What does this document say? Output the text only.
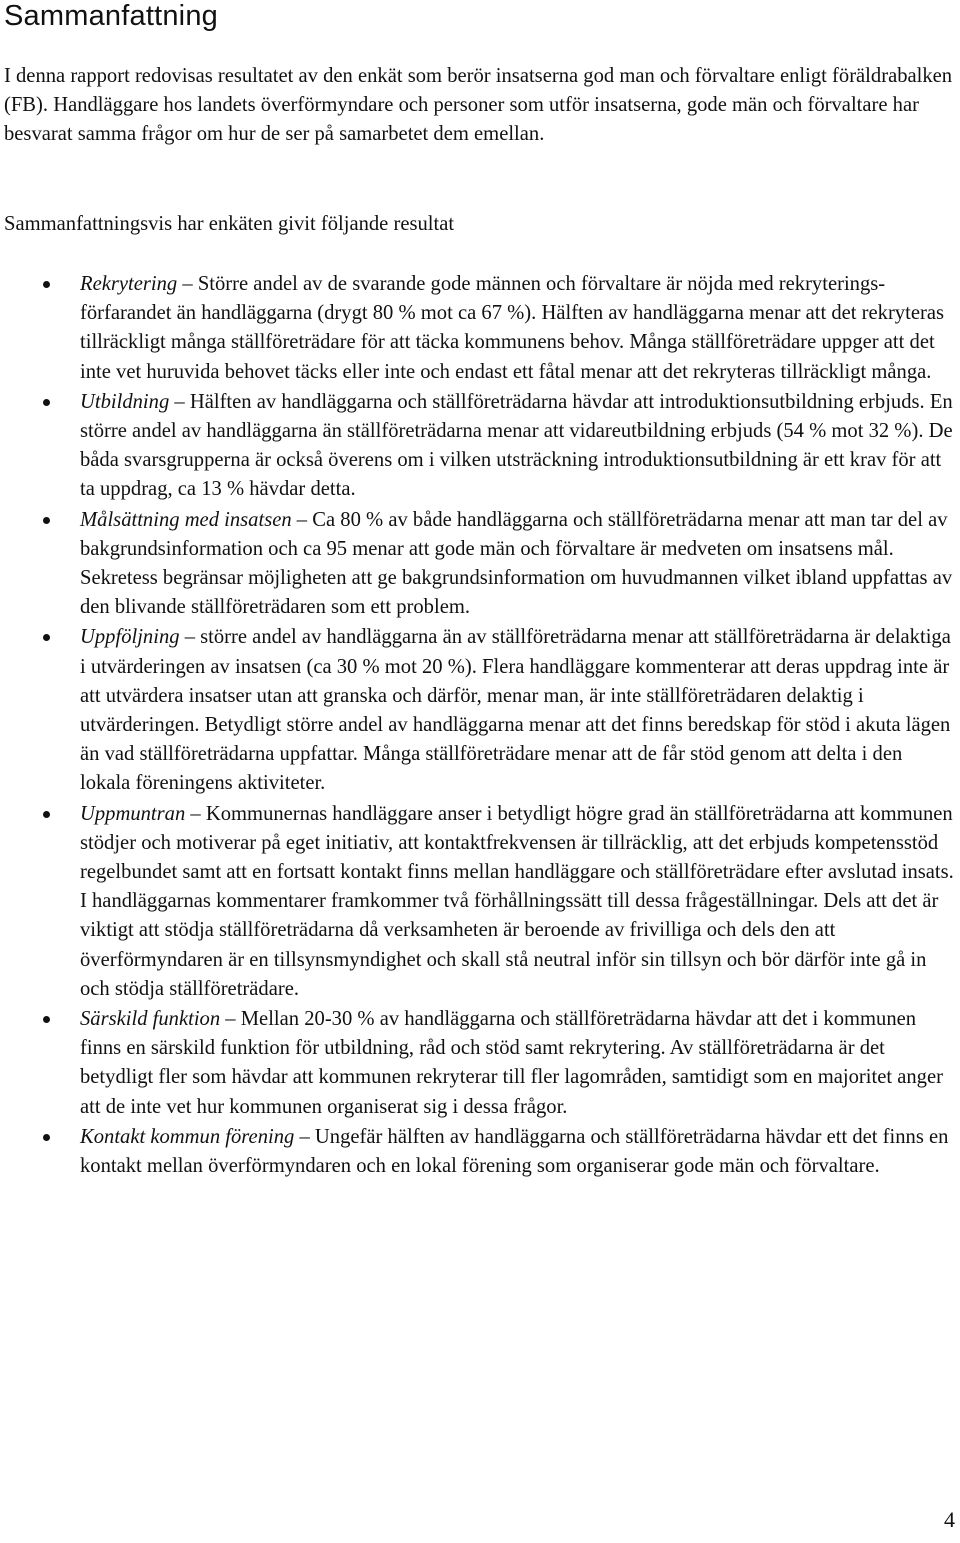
Sammanfattning

I denna rapport redovisas resultatet av den enkät som berör insatserna god man och förvaltare enligt föräldrabalken (FB). Handläggare hos landets överförmyndare och personer som utför insatserna, gode män och förvaltare har besvarat samma frågor om hur de ser på samarbetet dem emellan.

Sammanfattningsvis har enkäten givit följande resultat

Rekrytering – Större andel av de svarande gode männen och förvaltare är nöjda med rekryterings-förfarandet än handläggarna (drygt 80 % mot ca 67 %). Hälften av handläggarna menar att det rekryteras tillräckligt många ställföreträdare för att täcka kommunens behov. Många ställföreträdare uppger att det inte vet huruvida behovet täcks eller inte och endast ett fåtal menar att det rekryteras tillräckligt många.
Utbildning – Hälften av handläggarna och ställföreträdarna hävdar att introduktionsutbildning erbjuds. En större andel av handläggarna än ställföreträdarna menar att vidareutbildning erbjuds (54 % mot 32 %). De båda svarsgrupperna är också överens om i vilken utsträckning introduktionsutbildning är ett krav för att ta uppdrag, ca 13 % hävdar detta.
Målsättning med insatsen – Ca 80 % av både handläggarna och ställföreträdarna menar att man tar del av bakgrundsinformation och ca 95 menar att gode män och förvaltare är medveten om insatsens mål. Sekretess begränsar möjligheten att ge bakgrundsinformation om huvudmannen vilket ibland uppfattas av den blivande ställföreträdaren som ett problem.
Uppföljning – större andel av handläggarna än av ställföreträdarna menar att ställföreträdarna är delaktiga i utvärderingen av insatsen (ca 30 % mot 20 %). Flera handläggare kommenterar att deras uppdrag inte är att utvärdera insatser utan att granska och därför, menar man, är inte ställföreträdaren delaktig i utvärderingen. Betydligt större andel av handläggarna menar att det finns beredskap för stöd i akuta lägen än vad ställföreträdarna uppfattar. Många ställföreträdare menar att de får stöd genom att delta i den lokala föreningens aktiviteter.
Uppmuntran – Kommunernas handläggare anser i betydligt högre grad än ställföreträdarna att kommunen stödjer och motiverar på eget initiativ, att kontaktfrekvensen är tillräcklig, att det erbjuds kompetensstöd regelbundet samt att en fortsatt kontakt finns mellan handläggare och ställföreträdare efter avslutad insats. I handläggarnas kommentarer framkommer två förhållningssätt till dessa frågeställningar. Dels att det är viktigt att stödja ställföreträdarna då verksamheten är beroende av frivilliga och dels den att överförmyndaren är en tillsynsmyndighet och skall stå neutral inför sin tillsyn och bör därför inte gå in och stödja ställföreträdare.
Särskild funktion – Mellan 20-30 % av handläggarna och ställföreträdarna hävdar att det i kommunen finns en särskild funktion för utbildning, råd och stöd samt rekrytering. Av ställföreträdarna är det betydligt fler som hävdar att kommunen rekryterar till fler lagområden, samtidigt som en majoritet anger att de inte vet hur kommunen organiserat sig i dessa frågor.
Kontakt kommun förening – Ungefär hälften av handläggarna och ställföreträdarna hävdar ett det finns en kontakt mellan överförmyndaren och en lokal förening som organiserar gode män och förvaltare.

4
